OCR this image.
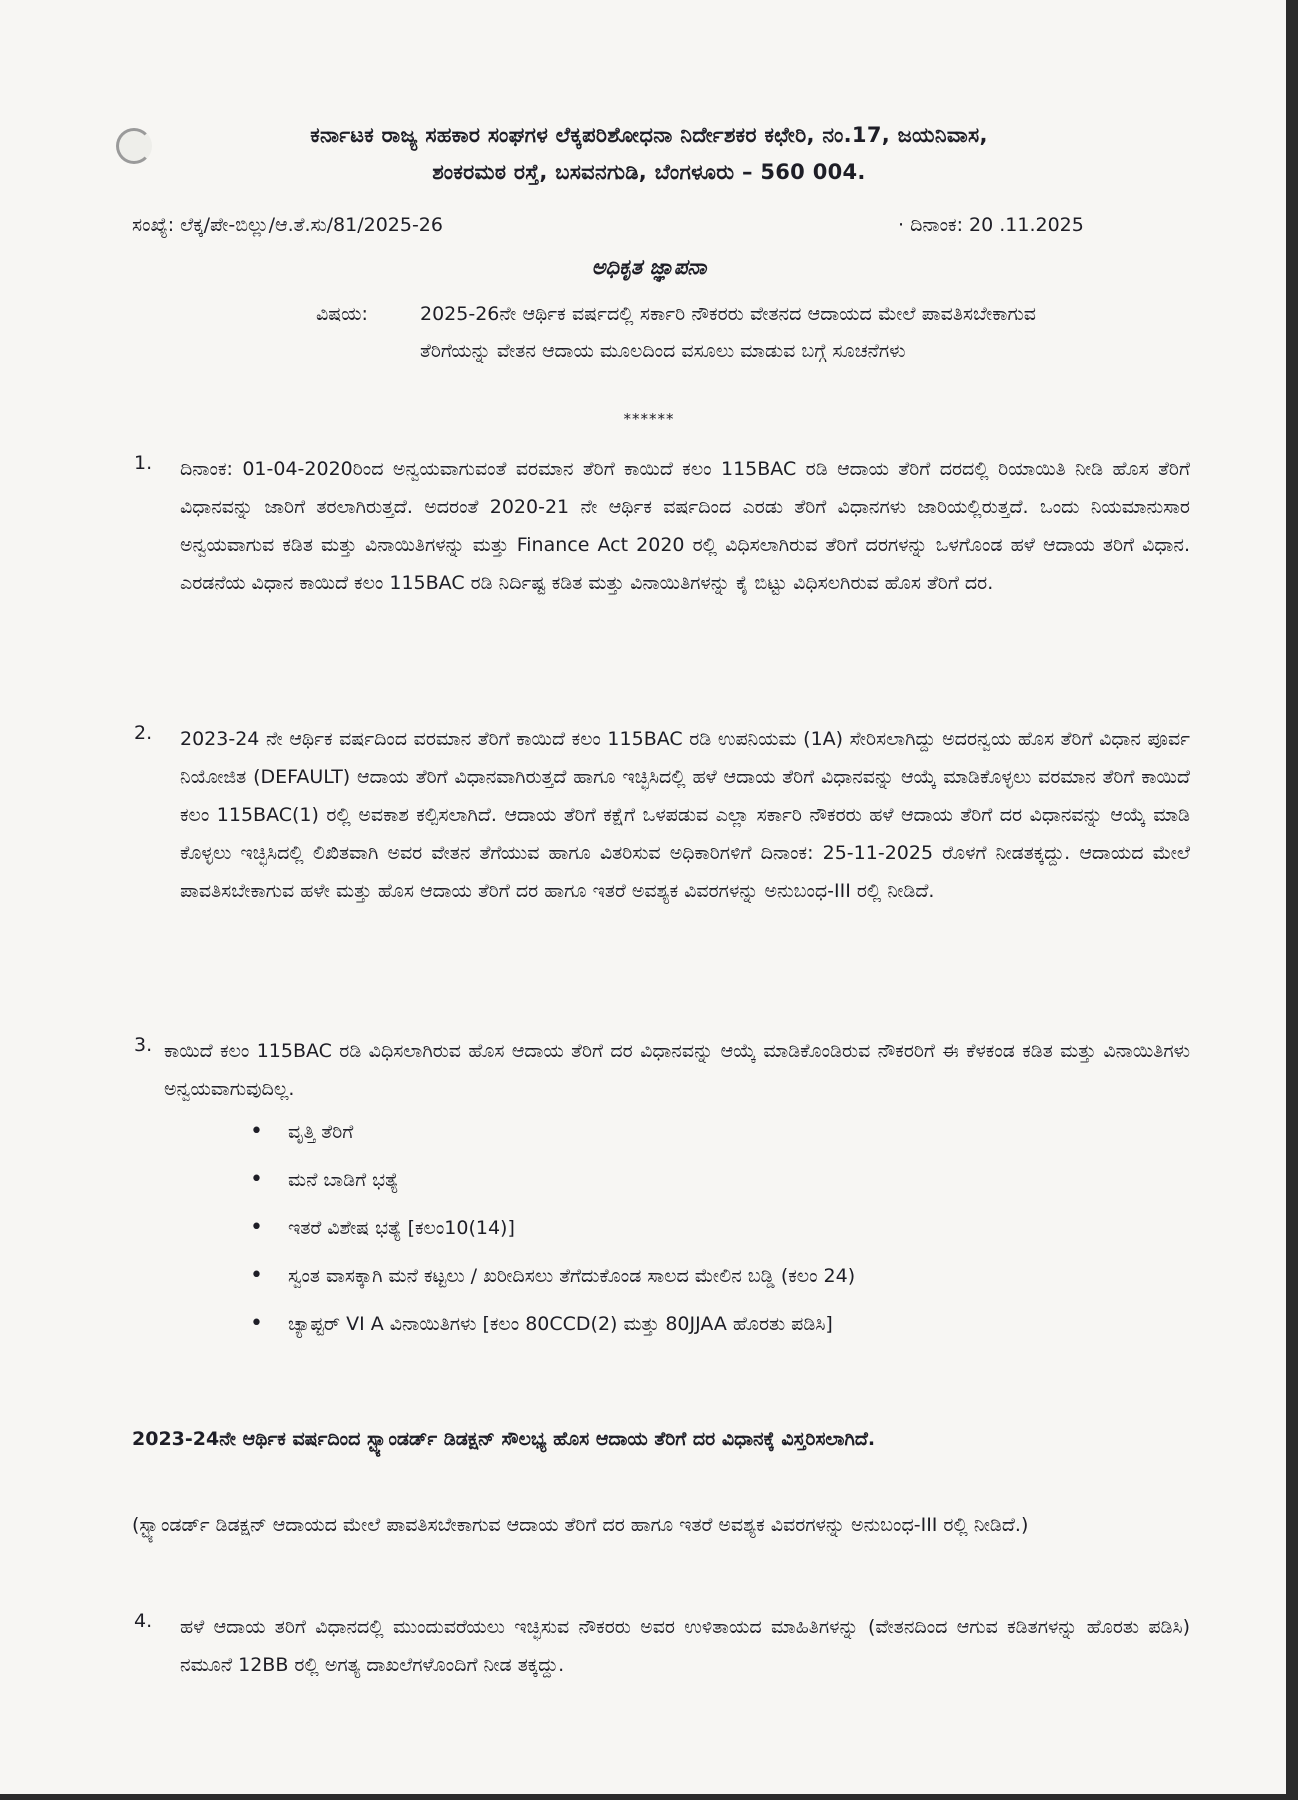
ಕರ್ನಾಟಕ ರಾಜ್ಯ ಸಹಕಾರ ಸಂಘಗಳ ಲೆಕ್ಕಪರಿಶೋಧನಾ ನಿರ್ದೇಶಕರ ಕಛೇರಿ, ನಂ.17, ಜಯನಿವಾಸ,
ಶಂಕರಮಠ ರಸ್ತೆ, ಬಸವನಗುಡಿ, ಬೆಂಗಳೂರು – 560 004.
ಸಂಖ್ಯೆ: ಲೆಕ್ಕ/ಪೇ-ಬಿಲ್ಲು/ಆ.ತೆ.ಸು/81/2025-26	· ದಿನಾಂಕ: 20 .11.2025
ಅಧಿಕೃತ ಜ್ಞಾಪನಾ
ವಿಷಯ:	2025-26ನೇ ಆರ್ಥಿಕ ವರ್ಷದಲ್ಲಿ ಸರ್ಕಾರಿ ನೌಕರರು ವೇತನದ ಆದಾಯದ ಮೇಲೆ ಪಾವತಿಸಬೇಕಾಗುವ ತೆರಿಗೆಯನ್ನು ವೇತನ ಆದಾಯ ಮೂಲದಿಂದ ವಸೂಲು ಮಾಡುವ ಬಗ್ಗೆ ಸೂಚನೆಗಳು
******
1. ದಿನಾಂಕ: 01-04-2020ರಿಂದ ಅನ್ವಯವಾಗುವಂತೆ ವರಮಾನ ತೆರಿಗೆ ಕಾಯಿದೆ ಕಲಂ 115BAC ರಡಿ ಆದಾಯ ತೆರಿಗೆ ದರದಲ್ಲಿ ರಿಯಾಯಿತಿ ನೀಡಿ ಹೊಸ ತೆರಿಗೆ ವಿಧಾನವನ್ನು ಜಾರಿಗೆ ತರಲಾಗಿರುತ್ತದೆ. ಅದರಂತೆ 2020-21 ನೇ ಆರ್ಥಿಕ ವರ್ಷದಿಂದ ಎರಡು ತೆರಿಗೆ ವಿಧಾನಗಳು ಜಾರಿಯಲ್ಲಿರುತ್ತದೆ. ಒಂದು ನಿಯಮಾನುಸಾರ ಅನ್ವಯವಾಗುವ ಕಡಿತ ಮತ್ತು ವಿನಾಯಿತಿಗಳನ್ನು ಮತ್ತು Finance Act 2020 ರಲ್ಲಿ ವಿಧಿಸಲಾಗಿರುವ ತೆರಿಗೆ ದರಗಳನ್ನು ಒಳಗೊಂಡ ಹಳೆ ಆದಾಯ ತರಿಗೆ ವಿಧಾನ. ಎರಡನೆಯ ವಿಧಾನ ಕಾಯಿದೆ ಕಲಂ 115BAC ರಡಿ ನಿರ್ದಿಷ್ಟ ಕಡಿತ ಮತ್ತು ವಿನಾಯಿತಿಗಳನ್ನು ಕೈ ಬಿಟ್ಟು ವಿಧಿಸಲಗಿರುವ ಹೊಸ ತೆರಿಗೆ ದರ.
2. 2023-24 ನೇ ಆರ್ಥಿಕ ವರ್ಷದಿಂದ ವರಮಾನ ತೆರಿಗೆ ಕಾಯಿದೆ ಕಲಂ 115BAC ರಡಿ ಉಪನಿಯಮ (1A) ಸೇರಿಸಲಾಗಿದ್ದು ಅದರನ್ವಯ ಹೊಸ ತೆರಿಗೆ ವಿಧಾನ ಪೂರ್ವ ನಿಯೋಜಿತ (DEFAULT) ಆದಾಯ ತೆರಿಗೆ ವಿಧಾನವಾಗಿರುತ್ತದೆ ಹಾಗೂ ಇಚ್ಛಿಸಿದಲ್ಲಿ ಹಳೆ ಆದಾಯ ತೆರಿಗೆ ವಿಧಾನವನ್ನು ಆಯ್ಕೆ ಮಾಡಿಕೊಳ್ಳಲು ವರಮಾನ ತೆರಿಗೆ ಕಾಯಿದೆ ಕಲಂ 115BAC(1) ರಲ್ಲಿ ಅವಕಾಶ ಕಲ್ಪಿಸಲಾಗಿದೆ. ಆದಾಯ ತೆರಿಗೆ ಕಕ್ಷೆಗೆ ಒಳಪಡುವ ಎಲ್ಲಾ ಸರ್ಕಾರಿ ನೌಕರರು ಹಳೆ ಆದಾಯ ತೆರಿಗೆ ದರ ವಿಧಾನವನ್ನು ಆಯ್ಕೆ ಮಾಡಿ ಕೊಳ್ಳಲು ಇಚ್ಛಿಸಿದಲ್ಲಿ ಲಿಖಿತವಾಗಿ ಅವರ ವೇತನ ತೆಗೆಯುವ ಹಾಗೂ ವಿತರಿಸುವ ಅಧಿಕಾರಿಗಳಿಗೆ ದಿನಾಂಕ: 25-11-2025 ರೊಳಗೆ ನೀಡತಕ್ಕದ್ದು. ಆದಾಯದ ಮೇಲೆ ಪಾವತಿಸಬೇಕಾಗುವ ಹಳೇ ಮತ್ತು ಹೊಸ ಆದಾಯ ತೆರಿಗೆ ದರ ಹಾಗೂ ಇತರೆ ಅವಶ್ಯಕ ವಿವರಗಳನ್ನು ಅನುಬಂಧ-III ರಲ್ಲಿ ನೀಡಿದೆ.
3. ಕಾಯಿದೆ ಕಲಂ 115BAC ರಡಿ ವಿಧಿಸಲಾಗಿರುವ ಹೊಸ ಆದಾಯ ತೆರಿಗೆ ದರ ವಿಧಾನವನ್ನು ಆಯ್ಕೆ ಮಾಡಿಕೊಂಡಿರುವ ನೌಕರರಿಗೆ ಈ ಕೆಳಕಂಡ ಕಡಿತ ಮತ್ತು ವಿನಾಯಿತಿಗಳು ಅನ್ವಯವಾಗುವುದಿಲ್ಲ.
• ವೃತ್ತಿ ತೆರಿಗೆ
• ಮನೆ ಬಾಡಿಗೆ ಭತ್ಯೆ
• ಇತರೆ ವಿಶೇಷ ಭತ್ಯೆ [ಕಲಂ10(14)]
• ಸ್ವಂತ ವಾಸಕ್ಕಾಗಿ ಮನೆ ಕಟ್ಟಲು / ಖರೀದಿಸಲು ತೆಗೆದುಕೊಂಡ ಸಾಲದ ಮೇಲಿನ ಬಡ್ಡಿ (ಕಲಂ 24)
• ಚ್ಯಾಪ್ಟರ್ VI A ವಿನಾಯಿತಿಗಳು [ಕಲಂ 80CCD(2) ಮತ್ತು 80JJAA ಹೊರತು ಪಡಿಸಿ]
2023-24ನೇ ಆರ್ಥಿಕ ವರ್ಷದಿಂದ ಸ್ಟ್ಯಾಂಡರ್ಡ್ ಡಿಡಕ್ಷನ್ ಸೌಲಭ್ಯ ಹೊಸ ಆದಾಯ ತೆರಿಗೆ ದರ ವಿಧಾನಕ್ಕೆ ವಿಸ್ತರಿಸಲಾಗಿದೆ.
(ಸ್ಟ್ಯಾಂಡರ್ಡ್ ಡಿಡಕ್ಷನ್ ಆದಾಯದ ಮೇಲೆ ಪಾವತಿಸಬೇಕಾಗುವ ಆದಾಯ ತೆರಿಗೆ ದರ ಹಾಗೂ ಇತರೆ ಅವಶ್ಯಕ ವಿವರಗಳನ್ನು ಅನುಬಂಧ-III ರಲ್ಲಿ ನೀಡಿದೆ.)
4. ಹಳೆ ಆದಾಯ ತರಿಗೆ ವಿಧಾನದಲ್ಲಿ ಮುಂದುವರೆಯಲು ಇಚ್ಛಿಸುವ ನೌಕರರು ಅವರ ಉಳಿತಾಯದ ಮಾಹಿತಿಗಳನ್ನು (ವೇತನದಿಂದ ಆಗುವ ಕಡಿತಗಳನ್ನು ಹೊರತು ಪಡಿಸಿ) ನಮೂನೆ 12BB ರಲ್ಲಿ ಅಗತ್ಯ ದಾಖಲೆಗಳೊಂದಿಗೆ ನೀಡ ತಕ್ಕದ್ದು.
